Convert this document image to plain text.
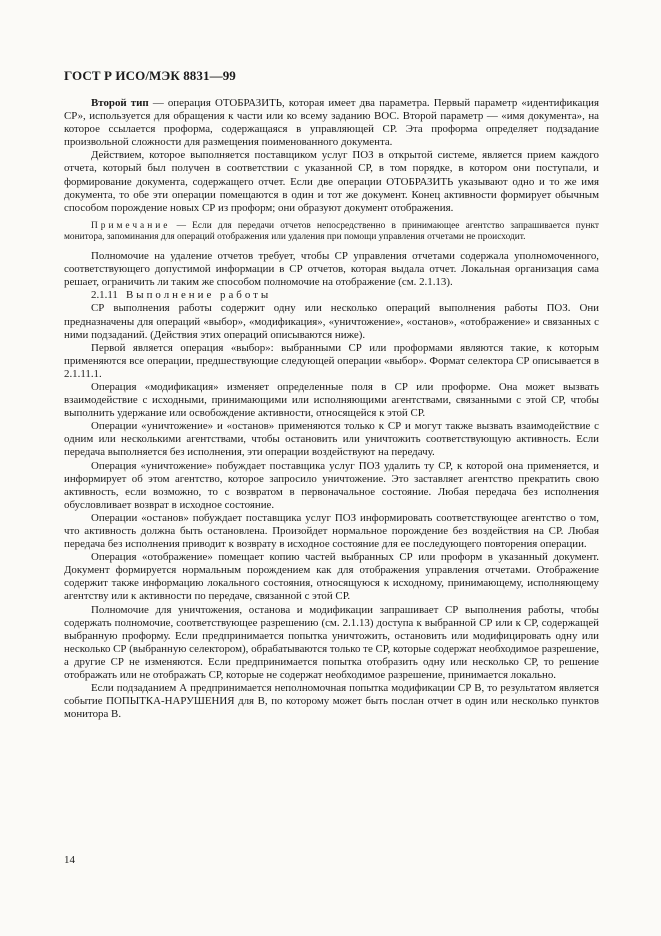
ГОСТ Р ИСО/МЭК 8831—99

Второй тип — операция ОТОБРАЗИТЬ, которая имеет два параметра. Первый параметр «идентификация СР», используется для обращения к части или ко всему заданию ВОС. Второй параметр — «имя документа», на которое ссылается проформа, содержащаяся в управляющей СР. Эта проформа определяет подзадание произвольной сложности для размещения поименованного документа.

Действием, которое выполняется поставщиком услуг ПОЗ в открытой системе, является прием каждого отчета, который был получен в соответствии с указанной СР, в том порядке, в котором они поступали, и формирование документа, содержащего отчет. Если две операции ОТОБРАЗИТЬ указывают одно и то же имя документа, то обе эти операции помещаются в один и тот же документ. Конец активности формирует обычным способом порождение новых СР из проформ; они образуют документ отображения.

Примечание — Если для передачи отчетов непосредственно в принимающее агентство запрашивается пункт монитора, запоминания для операций отображения или удаления при помощи управления отчетами не происходит.

Полномочие на удаление отчетов требует, чтобы СР управления отчетами содержала уполномоченного, соответствующего допустимой информации в СР отчетов, которая выдала отчет. Локальная организация сама решает, ограничить ли таким же способом полномочие на отображение (см. 2.1.13).

2.1.11 Выполнение работы

СР выполнения работы содержит одну или несколько операций выполнения работы ПОЗ. Они предназначены для операций «выбор», «модификация», «уничтожение», «останов», «отображение» и связанных с ними подзаданий. (Действия этих операций описываются ниже).

Первой является операция «выбор»: выбранными СР или проформами являются такие, к которым применяются все операции, предшествующие следующей операции «выбор». Формат селектора СР описывается в 2.1.11.1.

Операция «модификация» изменяет определенные поля в СР или проформе. Она может вызвать взаимодействие с исходными, принимающими или исполняющими агентствами, связанными с этой СР, чтобы выполнить удержание или освобождение активности, относящейся к этой СР.

Операции «уничтожение» и «останов» применяются только к СР и могут также вызвать взаимодействие с одним или несколькими агентствами, чтобы остановить или уничтожить соответствующую активность. Если передача выполняется без исполнения, эти операции воздействуют на передачу.

Операция «уничтожение» побуждает поставщика услуг ПОЗ удалить ту СР, к которой она применяется, и информирует об этом агентство, которое запросило уничтожение. Это заставляет агентство прекратить свою активность, если возможно, то с возвратом в первоначальное состояние. Любая передача без исполнения обусловливает возврат в исходное состояние.

Операции «останов» побуждает поставщика услуг ПОЗ информировать соответствующее агентство о том, что активность должна быть остановлена. Произойдет нормальное порождение без воздействия на СР. Любая передача без исполнения приводит к возврату в исходное состояние для ее последующего повторения операции.

Операция «отображение» помещает копию частей выбранных СР или проформ в указанный документ. Документ формируется нормальным порождением как для отображения управления отчетами. Отображение содержит также информацию локального состояния, относящуюся к исходному, принимающему, исполняющему агентству или к активности по передаче, связанной с этой СР.

Полномочие для уничтожения, останова и модификации запрашивает СР выполнения работы, чтобы содержать полномочие, соответствующее разрешению (см. 2.1.13) доступа к выбранной СР или к СР, содержащей выбранную проформу. Если предпринимается попытка уничтожить, остановить или модифицировать одну или несколько СР (выбранную селектором), обрабатываются только те СР, которые содержат необходимое разрешение, а другие СР не изменяются. Если предпринимается попытка отобразить одну или несколько СР, то решение отображать или не отображать СР, которые не содержат необходимое разрешение, принимается локально.

Если подзаданием А предпринимается неполномочная попытка модификации СР В, то результатом является событие ПОПЫТКА-НАРУШЕНИЯ для В, по которому может быть послан отчет в один или несколько пунктов монитора В.

14
